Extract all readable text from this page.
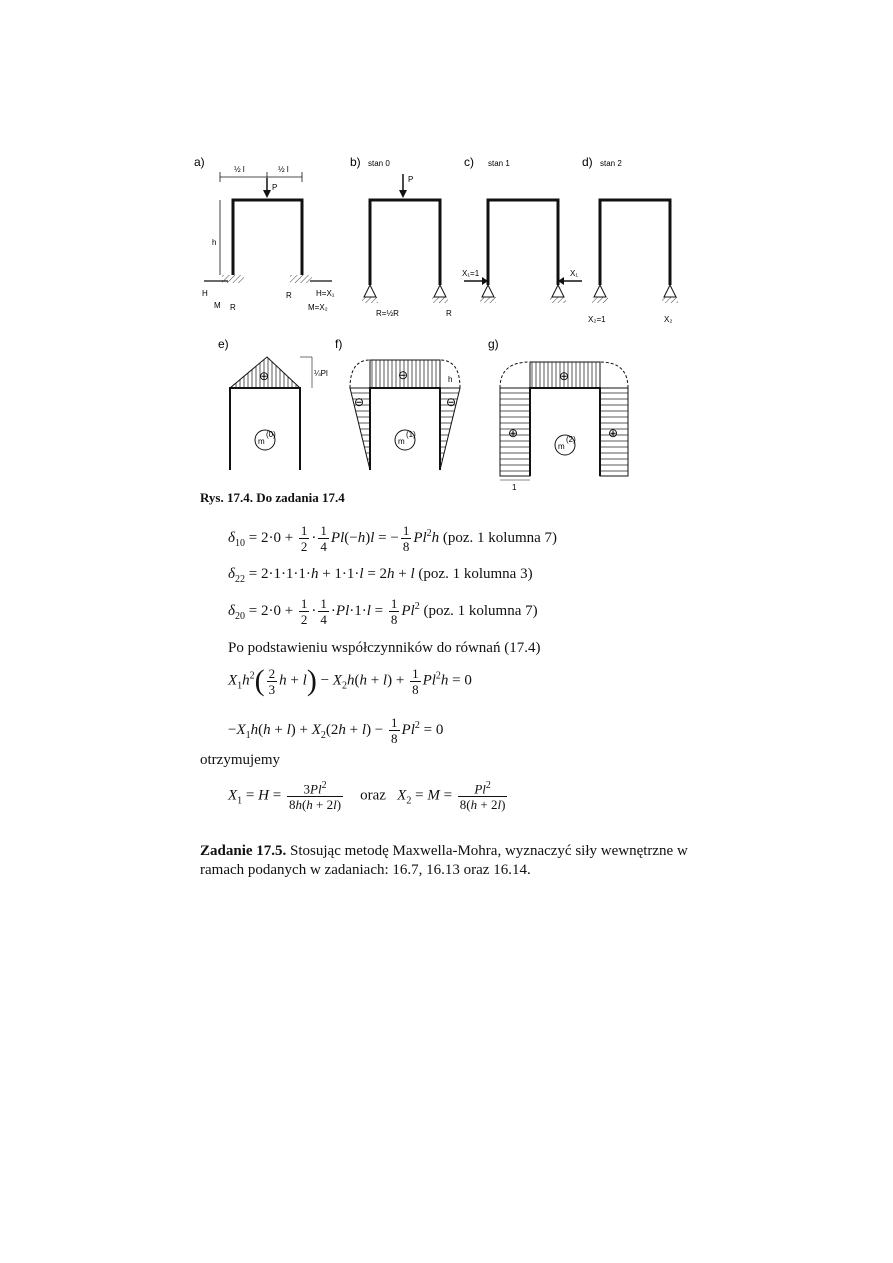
a)	b) stan 0	c) stan 1	d) stan 2
½ l	½ l
P
h
H
M R
R	H=X₁
M=X₂
P
R=½R	R
X₁=1	X₁
X₂=1	X₂
e)
¼Pl
⊕
m
(0)
f)
⊖
⊖	⊖
h
m
(1)
g)
⊕
⊕	⊕
1
m
(2)
Rys. 17.4. Do zadania 17.4
$\delta_{10} = 2\cdot 0 + \frac{1}{2} \cdot \frac{1}{4} Pl(-h)l$ = − $\frac{1}{8} Pl^2h$ (poz. 1 kolumna 7)
$\delta_{22} = 2\cdot 1\cdot 1\cdot 1\cdot h + 1\cdot 1\cdot l = 2h + l$ (poz. 1 kolumna 3)
$\delta_{20} = 2\cdot 0 + \frac{1}{2} \cdot \frac{1}{4} \cdot Pl\cdot 1\cdot l = \frac{1}{8} Pl^2$ (poz. 1 kolumna 7)
Po podstawieniu współczynników do równań (17.4)
$X_1h^2( \frac{2}{3}$ $h + l) - X_2h(h + l) + \frac{1}{8} Pl^2h = 0$
$-X_1h(h + l) + X_2(2h + l) - \frac{1}{8} Pl^2 = 0$
otrzymujemy
$X_1 = H = \frac{3Pl^2}{8h(h + 2l)}$ oraz $X_2 = M = \frac{Pl^2}{8(h + 2l)}$
Zadanie 17.5. Stosując metodę Maxwella-Mohra, wyznaczyć siły wewnętrzne w ramach podanych w zadaniach: 16.7, 16.13 oraz 16.14.
